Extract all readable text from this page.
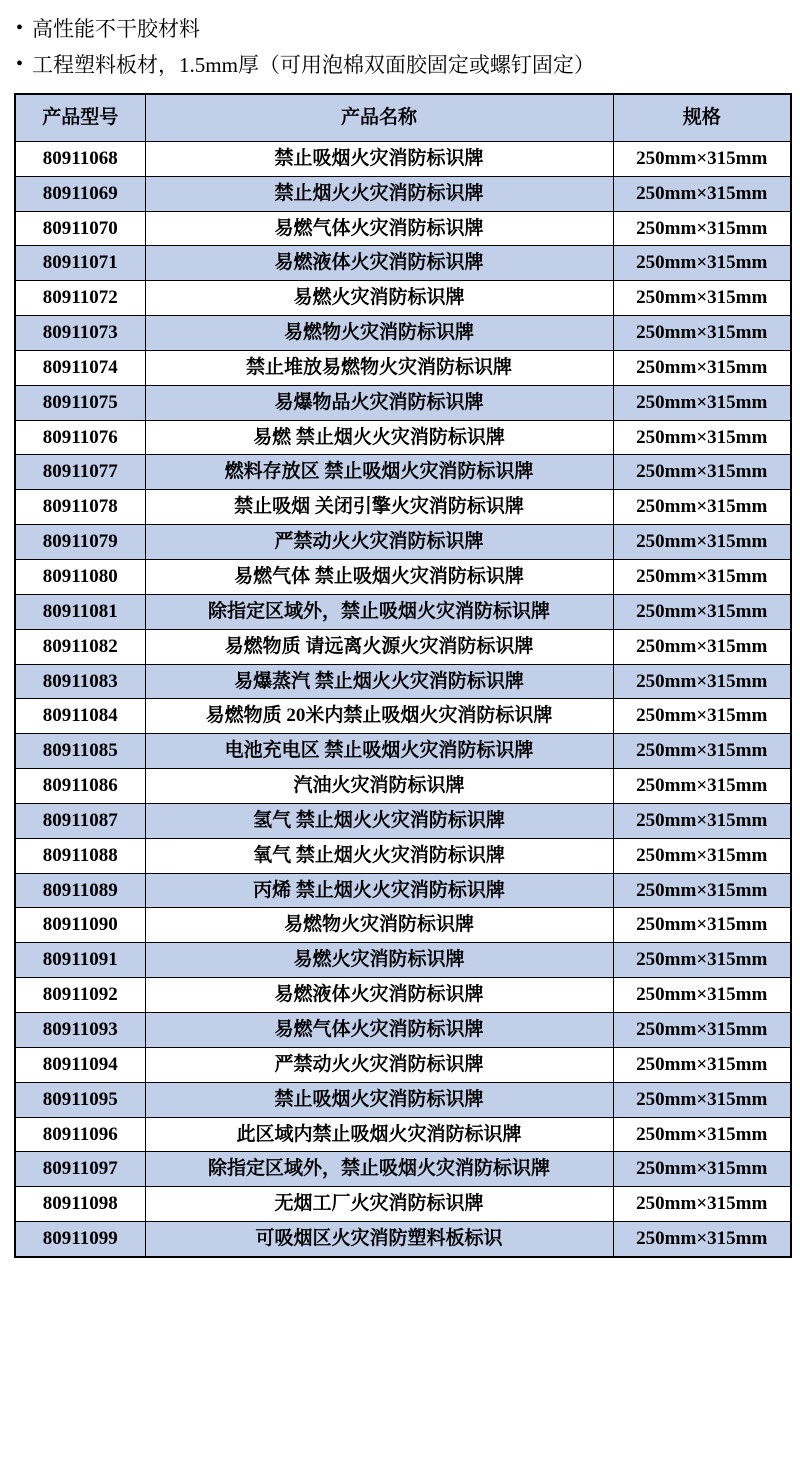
• 高性能不干胶材料
• 工程塑料板材，1.5mm厚（可用泡棉双面胶固定或螺钉固定）
产品型号	产品名称	规格
80911068	禁止吸烟火灾消防标识牌	250mm×315mm
80911069	禁止烟火火灾消防标识牌	250mm×315mm
80911070	易燃气体火灾消防标识牌	250mm×315mm
80911071	易燃液体火灾消防标识牌	250mm×315mm
80911072	易燃火灾消防标识牌	250mm×315mm
80911073	易燃物火灾消防标识牌	250mm×315mm
80911074	禁止堆放易燃物火灾消防标识牌	250mm×315mm
80911075	易爆物品火灾消防标识牌	250mm×315mm
80911076	易燃 禁止烟火火灾消防标识牌	250mm×315mm
80911077	燃料存放区 禁止吸烟火灾消防标识牌	250mm×315mm
80911078	禁止吸烟 关闭引擎火灾消防标识牌	250mm×315mm
80911079	严禁动火火灾消防标识牌	250mm×315mm
80911080	易燃气体 禁止吸烟火灾消防标识牌	250mm×315mm
80911081	除指定区域外，禁止吸烟火灾消防标识牌	250mm×315mm
80911082	易燃物质 请远离火源火灾消防标识牌	250mm×315mm
80911083	易爆蒸汽 禁止烟火火灾消防标识牌	250mm×315mm
80911084	易燃物质 20米内禁止吸烟火灾消防标识牌	250mm×315mm
80911085	电池充电区 禁止吸烟火灾消防标识牌	250mm×315mm
80911086	汽油火灾消防标识牌	250mm×315mm
80911087	氢气 禁止烟火火灾消防标识牌	250mm×315mm
80911088	氧气 禁止烟火火灾消防标识牌	250mm×315mm
80911089	丙烯 禁止烟火火灾消防标识牌	250mm×315mm
80911090	易燃物火灾消防标识牌	250mm×315mm
80911091	易燃火灾消防标识牌	250mm×315mm
80911092	易燃液体火灾消防标识牌	250mm×315mm
80911093	易燃气体火灾消防标识牌	250mm×315mm
80911094	严禁动火火灾消防标识牌	250mm×315mm
80911095	禁止吸烟火灾消防标识牌	250mm×315mm
80911096	此区域内禁止吸烟火灾消防标识牌	250mm×315mm
80911097	除指定区域外，禁止吸烟火灾消防标识牌	250mm×315mm
80911098	无烟工厂火灾消防标识牌	250mm×315mm
80911099	可吸烟区火灾消防塑料板标识	250mm×315mm
